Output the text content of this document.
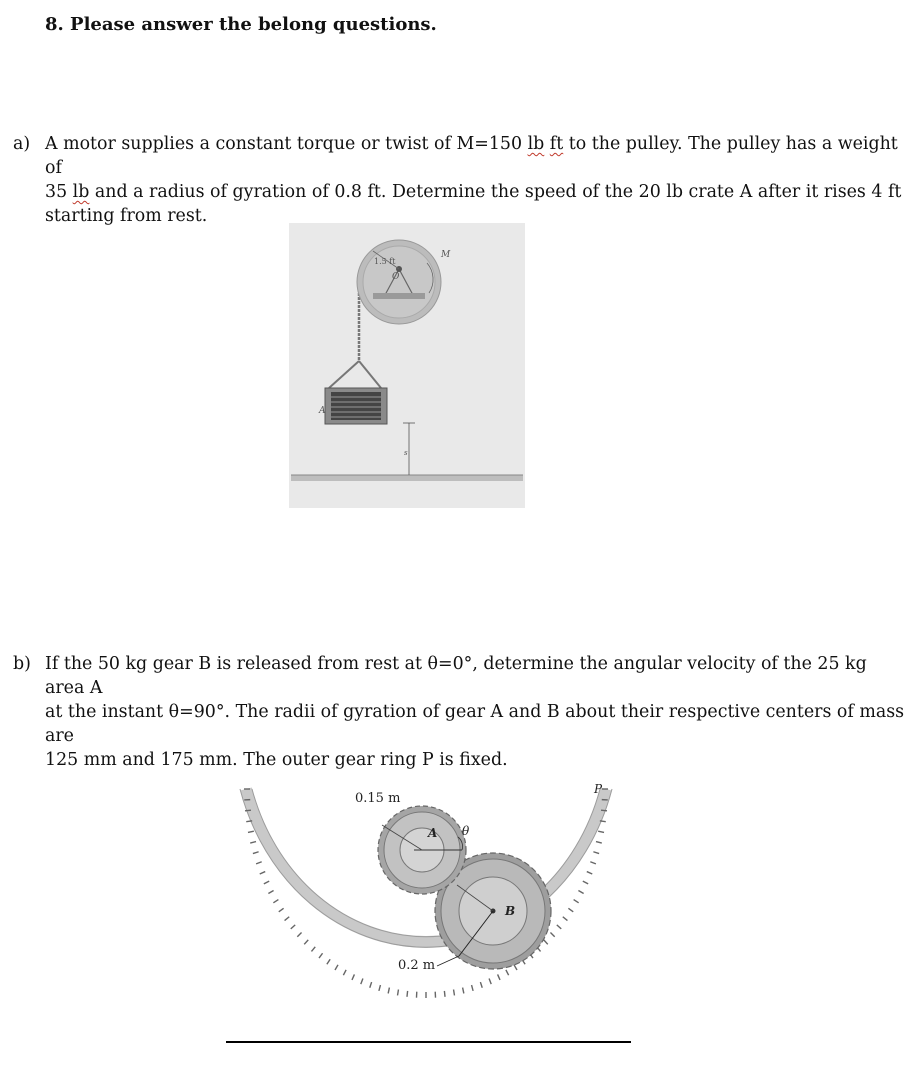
8. Please answer the belong questions.
a) A motor supplies a constant torque or twist of M=150 lb ft to the pulley. The pulley has a weight of
35 lb and a radius of gyration of 0.8 ft. Determine the speed of the 20 lb crate A after it rises 4 ft
starting from rest.
1.5 ft
O
M
A
s
b) If the 50 kg gear B is released from rest at θ=0°, determine the angular velocity of the 25 kg area A
at the instant θ=90°. The radii of gyration of gear A and B about their respective centers of mass are
125 mm and 175 mm. The outer gear ring P is fixed.
0.15 m
A θ
B
0.2 m
P
